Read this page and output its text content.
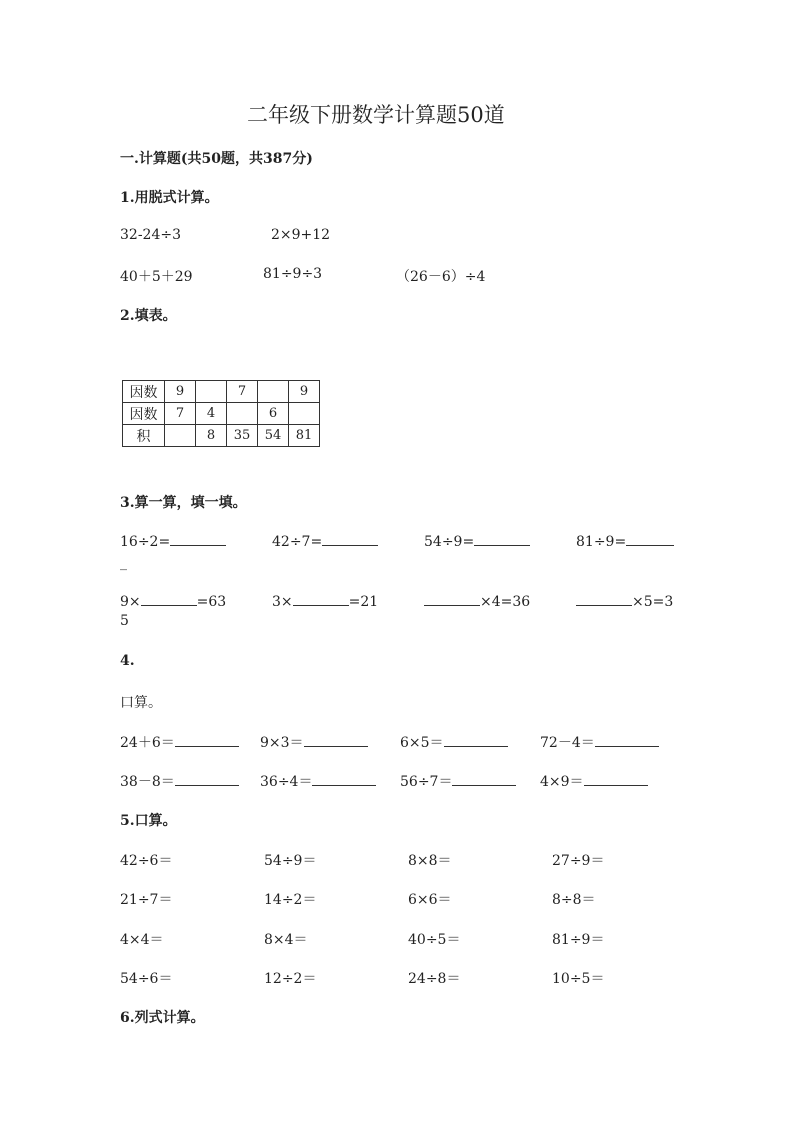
二年级下册数学计算题50道
一.计算题(共50题，共387分)
1.用脱式计算。
32-24÷3	2×9+12
40＋5＋29	81÷9÷3	（26－6）÷4
2.填表。
因数	9		7		9
因数	7	4		6	
积		8	35	54	81
3.算一算，填一填。
16÷2=	42÷7=	54÷9=	81÷9=
_
9×	=63	3×	=21	×4=36	×5=3
5
4.
口算。
24＋6＝	9×3＝	6×5＝	72－4＝
38－8＝	36÷4＝	56÷7＝	4×9＝
5.口算。
42÷6＝	54÷9＝	8×8＝	27÷9＝
21÷7＝	14÷2＝	6×6＝	8÷8＝
4×4＝	8×4＝	40÷5＝	81÷9＝
54÷6＝	12÷2＝	24÷8＝	10÷5＝
6.列式计算。
